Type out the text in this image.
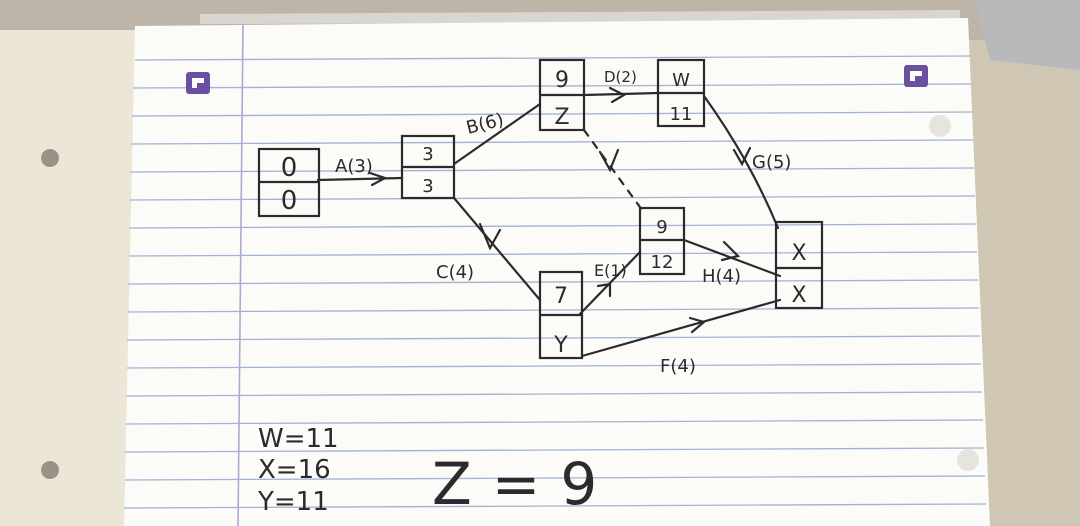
0
0
3
3
9
Z
W
11
9
12
7
Y
X
X
A(3)
B(6)
C(4)
D(2)
E(1)
F(4)
G(5)
H(4)
W=11
X=16
Y=11 Z=9
